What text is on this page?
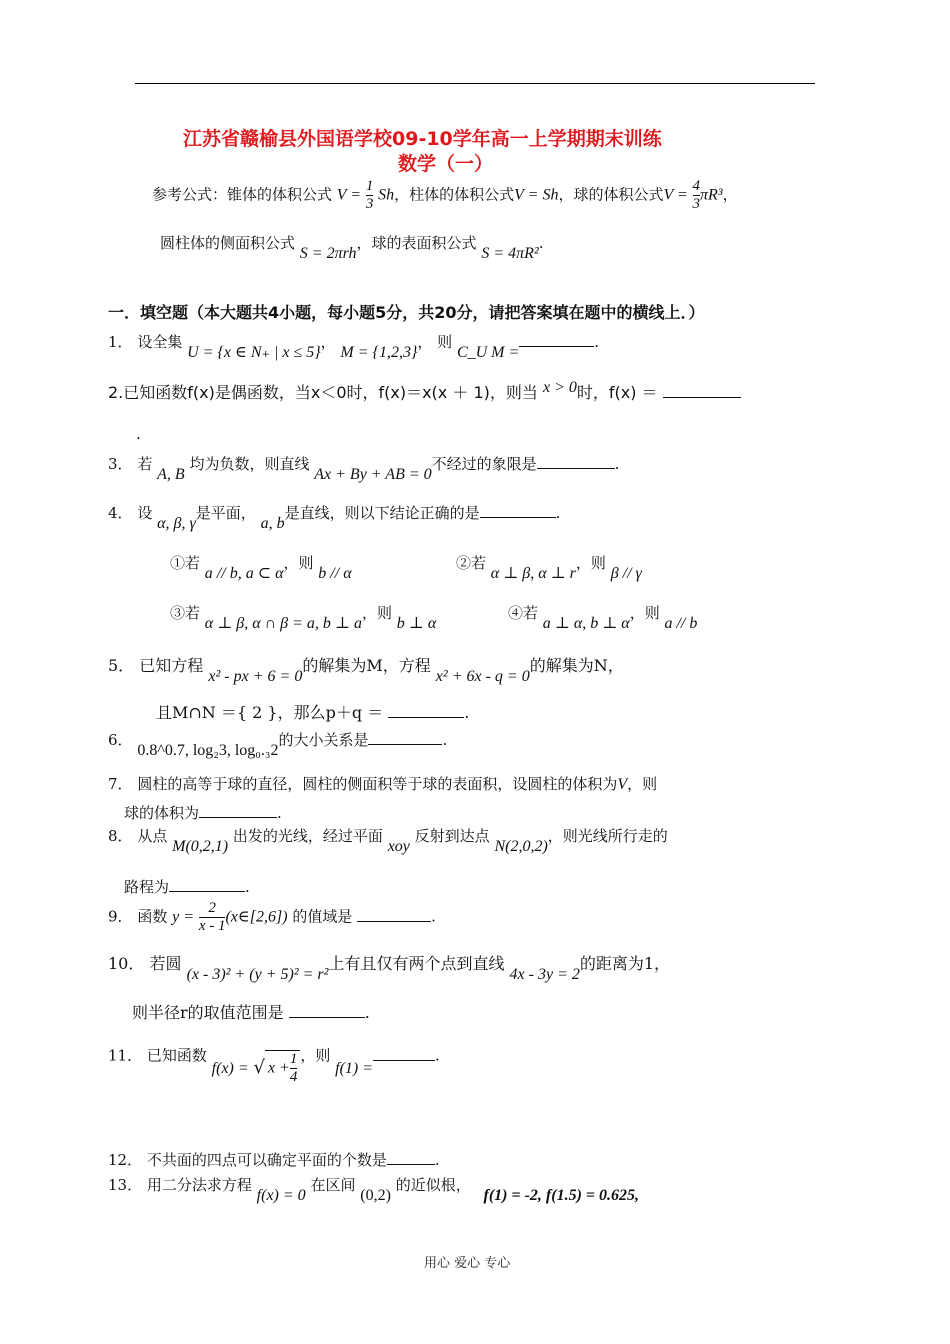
江苏省赣榆县外国语学校09-10学年高一上学期期末训练
数学（一）
参考公式：锥体的体积公式 $V = \frac{1}{3}$ Sh，柱体的体积公式V = Sh，球的体积公式$V = \frac{4}{3} \pi R^3$，
圆柱体的侧面积公式 S = 2πrh，球的表面积公式 S = 4πR².
一．填空题（本大题共4小题，每小题5分，共20分，请把答案填在题中的横线上．）
1． 设全集 U = {x ∈ N₊ | x ≤ 5}， M = {1,2,3}， 则 C_U M =.
2.已知函数f(x)是偶函数，当x＜0时，f(x)＝x(x ＋ 1)，则当 x > 0时，f(x) ＝
.
3． 若 A, B 均为负数，则直线 Ax + By + AB = 0不经过的象限是	.
4． 设 α, β, γ是平面， a, b是直线，则以下结论正确的是	.
①若 a // b, a ⊂ α，则 b // α
②若 α ⊥ β, α ⊥ r，则 β // γ
③若 α ⊥ β, α ∩ β = a, b ⊥ a，则 b ⊥ α
④若 a ⊥ α, b ⊥ α，则 a // b
5． 已知方程 x² - px + 6 = 0的解集为M，方程 x² + 6x - q = 0的解集为N，
且M∩N ＝{ 2 }，那么p＋q ＝	.
6． 0.8^0.7, log₂3, log₀.₃2的大小关系是	.
7． 圆柱的高等于球的直径，圆柱的侧面积等于球的表面积，设圆柱的体积为V，则
球的体积为	.
8． 从点 M(0,2,1) 出发的光线，经过平面 xoy 反射到达点 N(2,0,2)，则光线所行走的
路程为	.
9． 函数 $y = \frac{2}{x - 1}$ (x∈[2,6]) 的值域是	.
10． 若圆 (x - 3)² + (y + 5)² = r²上有且仅有两个点到直线 4x - 3y = 2的距离为1，
则半径r的取值范围是	.
11． 已知函数 f(x) = √ $x + \frac{1}{4}$ ，则 f(1) =.
12． 不共面的四点可以确定平面的个数是	.
13． 用二分法求方程 f(x) = 0 在区间 (0,2) 的近似根， f(1) = -2, f(1.5) = 0.625,
用心 爱心 专心
